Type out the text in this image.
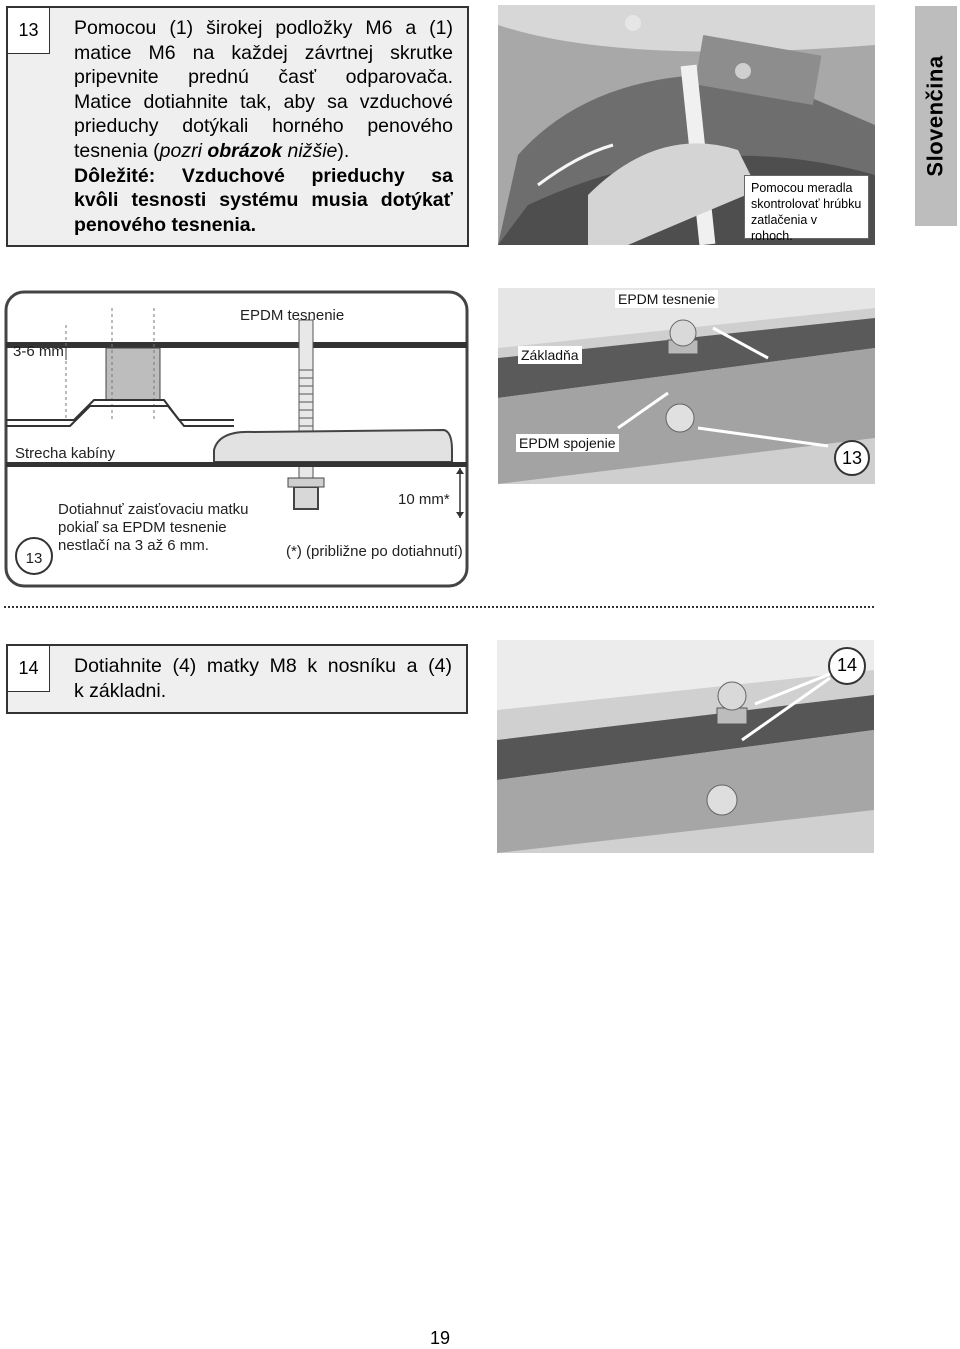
13	Pomocou (1) širokej podložky M6 a (1)
matice M6 na každej závrtnej skrutke
pripevnite prednú časť odparovača.
Matice dotiahnite tak, aby sa vzduchové
prieduchy dotýkali horného penového
tesnenia (pozri obrázok nižšie).
Dôležité: Vzduchové prieduchy sa
kvôli tesnosti systému musia dotýkať
penového tesnenia.
Pomocou meradla
skontrolovať hrúbku
zatlačenia v rohoch.
Slovenčina
13
EPDM tesnenie
3-6 mm
Strecha kabíny
10 mm*
Dotiahnuť zaisťovaciu matku
pokiaľ sa EPDM tesnenie
nestlačí na 3 až 6 mm.	(*) (približne po dotiahnutí)
EPDM tesnenie
Základňa
EPDM spojenie
13
14	Dotiahnite (4) matky M8 k nosníku a (4)
k základni.
14
19
